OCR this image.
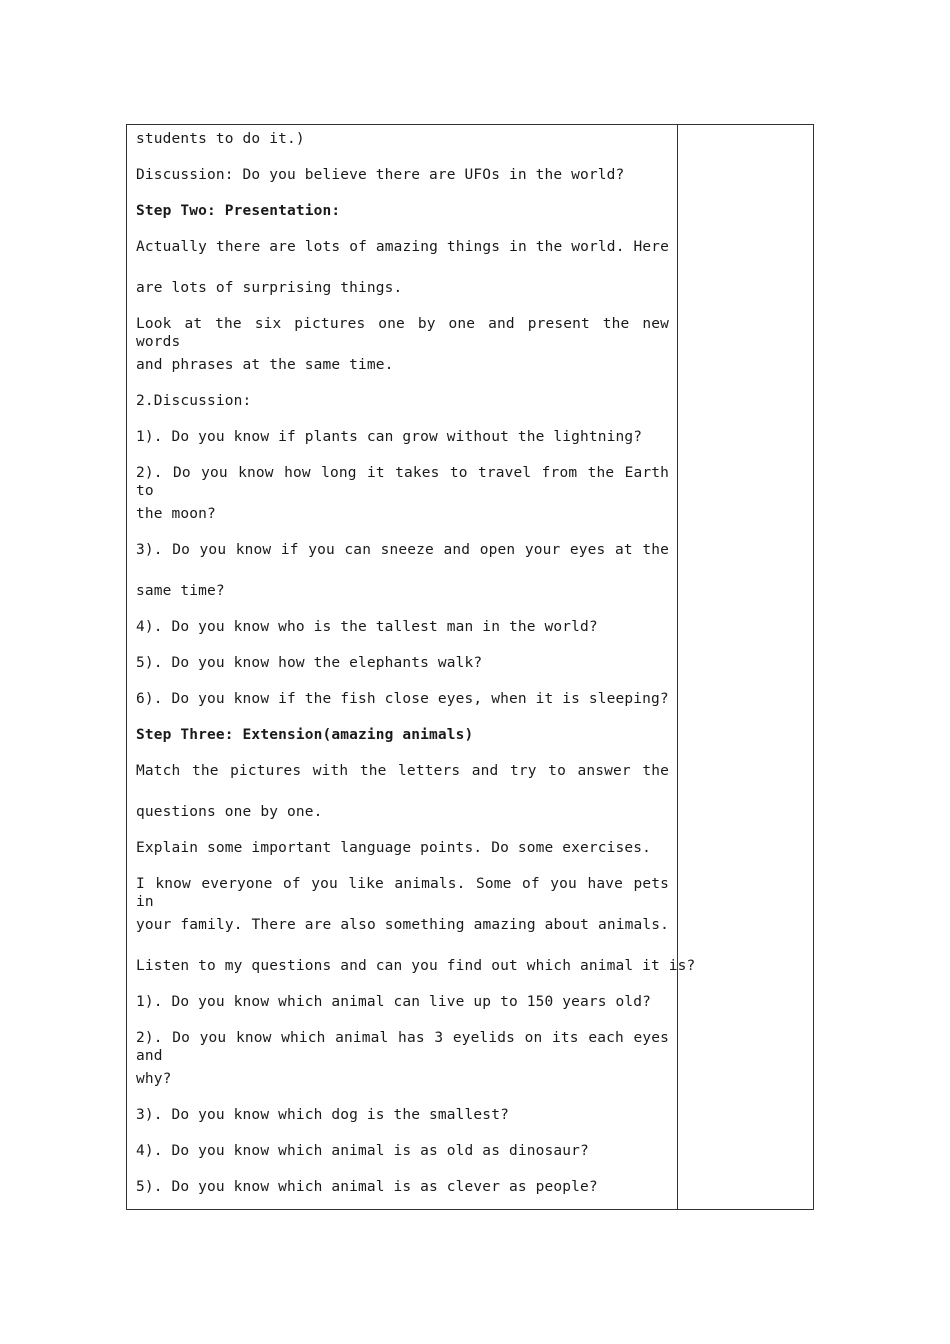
students to do it.)
Discussion: Do you believe there are UFOs in the world?
Step Two: Presentation:
Actually there are lots of amazing things in the world. Here
are lots of surprising things.
Look at the six pictures one by one and present the new words
and phrases at the same time.
2.Discussion:
1). Do you know if plants can grow without the lightning?
2). Do you know how long it takes to travel from the Earth to
the moon?
3). Do you know if you can sneeze and open your eyes at the
same time?
4). Do you know who is the tallest man in the world?
5). Do you know how the elephants walk?
6). Do you know if the fish close eyes, when it is sleeping?
Step Three: Extension(amazing animals)
Match the pictures with the letters and try to answer the
questions one by one.
Explain some important language points. Do some exercises.
I know everyone of you like animals. Some of you have pets in
your family. There are also something amazing about animals.
Listen to my questions and can you find out which animal it is?
1). Do you know which animal can live up to 150 years old?
2). Do you know which animal has 3 eyelids on its each eyes and
why?
3). Do you know which dog is the smallest?
4). Do you know which animal is as old as dinosaur?
5). Do you know which animal is as clever as people?
